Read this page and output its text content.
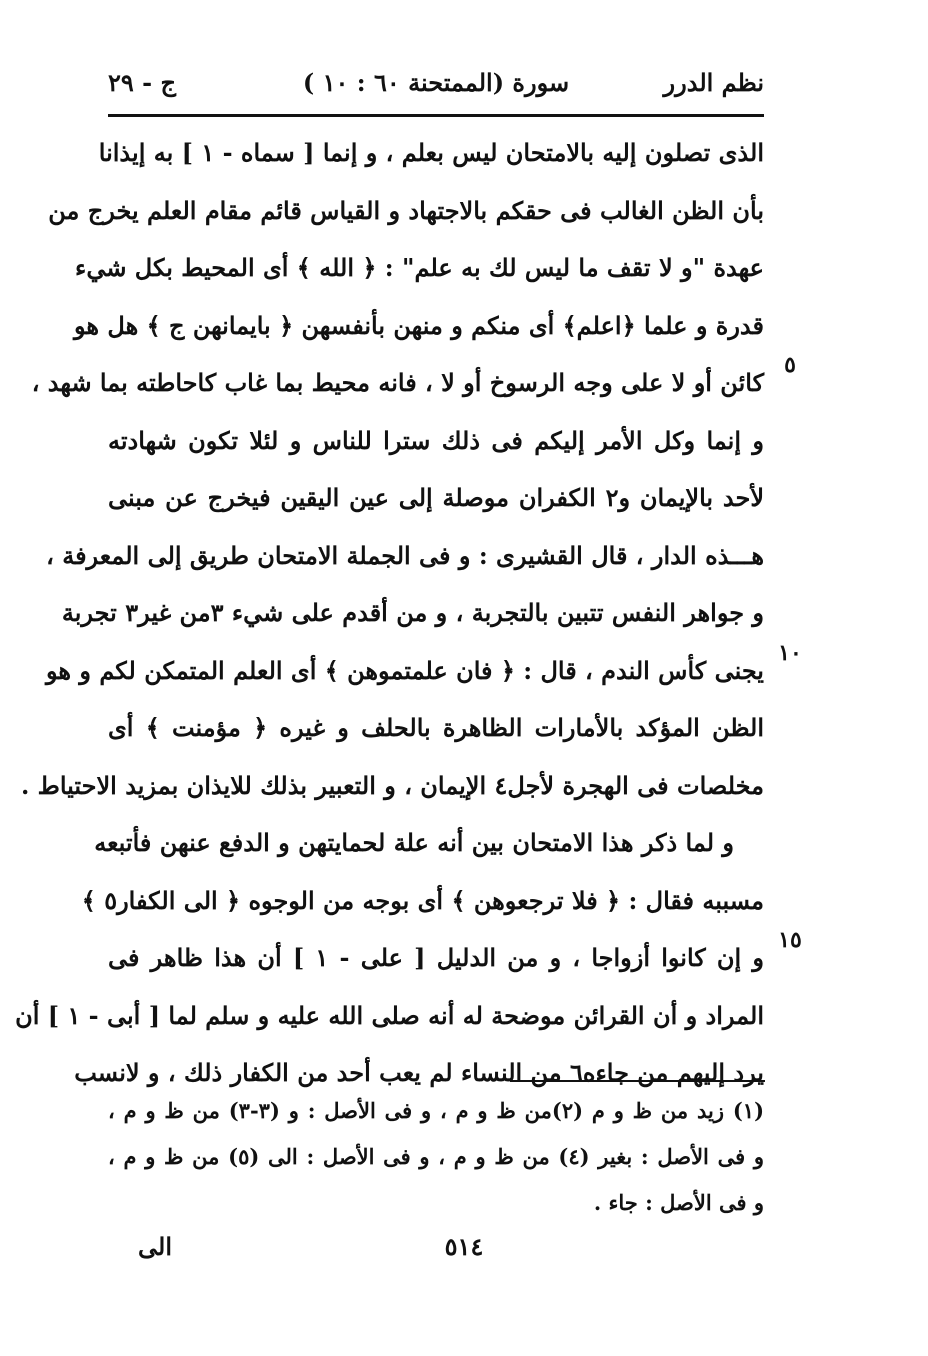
نظم الدرر
سورة (الممتحنة ٦٠ : ١٠ )
ج - ٢٩
الذى تصلون إليه بالامتحان ليس بعلم ، و إنما [ سماه - ١ ] به إيذانا
بأن الظن الغالب فى حقكم بالاجتهاد و القياس قائم مقام العلم يخرج من
عهدة "و لا تقف ما ليس لك به علم" : ﴿ الله ﴾ أى المحيط بكل شيء
قدرة و علما ﴿اعلم﴾ أى منكم و منهن بأنفسهن ﴿ بايمانهن ج ﴾ هل هو
كائن أو لا على وجه الرسوخ أو لا ، فانه محيط بما غاب كاحاطته بما شهد ،
و إنما وكل الأمر إليكم فى ذلك سترا للناس و لئلا تكون شهادته
لأحد بالإيمان و٢ الكفران موصلة إلى عين اليقين فيخرج عن مبنى
هـــذه الدار ، قال القشيرى : و فى الجملة الامتحان طريق إلى المعرفة ،
و جواهر النفس تتبين بالتجربة ، و من أقدم على شيء ٣من غير٣ تجربة
يجنى كأس الندم ، قال : ﴿ فان علمتموهن ﴾ أى العلم المتمكن لكم و هو
الظن المؤكد بالأمارات الظاهرة بالحلف و غيره ﴿ مؤمنت ﴾ أى
مخلصات فى الهجرة لأجل٤ الإيمان ، و التعبير بذلك للايذان بمزيد الاحتياط .
و لما ذكر هذا الامتحان بين أنه علة لحمايتهن و الدفع عنهن فأتبعه
مسببه فقال : ﴿ فلا ترجعوهن ﴾ أى بوجه من الوجوه ﴿ الى الكفار٥ ﴾
و إن كانوا أزواجا ، و من الدليل [ على - ١ ] أن هذا ظاهر فى
المراد و أن القرائن موضحة له أنه صلى الله عليه و سلم لما [ أبى - ١ ] أن
يرد إليهم من جاءه٦ من النساء لم يعب أحد من الكفار ذلك ، و لانسب
٥
١٠
١٥
(١) زيد من ظ و م (٢)من ظ و م ، و فى الأصل : و (٣-٣) من ظ و م ،
و فى الأصل : بغير (٤) من ظ و م ، و فى الأصل : الى (٥) من ظ و م ،
و فى الأصل : جاء .
٥١٤
الى
